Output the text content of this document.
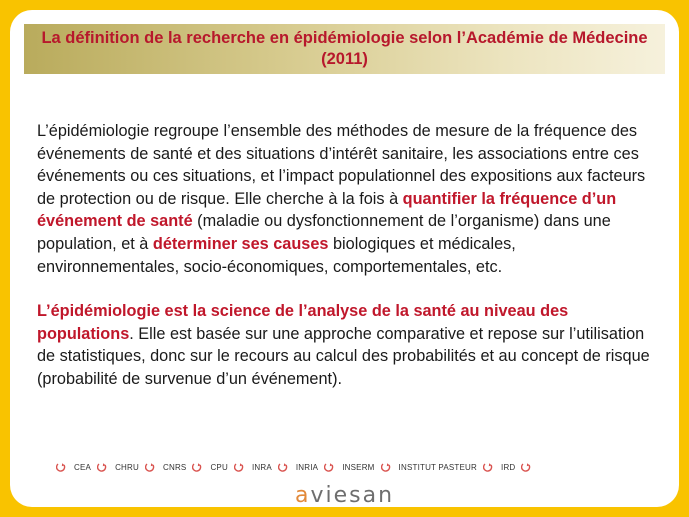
La définition de la recherche en épidémiologie selon l’Académie de Médecine (2011)

L’épidémiologie regroupe l’ensemble des méthodes de mesure de la fréquence des événements de santé et des situations d’intérêt sanitaire, les associations entre ces événements ou ces situations, et l’impact populationnel des expositions aux facteurs de protection ou de risque. Elle cherche à la fois à quantifier la fréquence d’un événement de santé (maladie ou dysfonctionnement de l’organisme) dans une population, et à déterminer ses causes biologiques et médicales, environnementales, socio-économiques, comportementales, etc.

L’épidémiologie est la science de l’analyse de la santé au niveau des populations. Elle est basée sur une approche comparative et repose sur l’utilisation de statistiques, donc sur le recours au calcul des probabilités et au concept de risque (probabilité de survenue d’un événement).

CEA	CHRU	CNRS	CPU	INRA	INRIA	INSERM	INSTITUT PASTEUR	IRD
aviesan
